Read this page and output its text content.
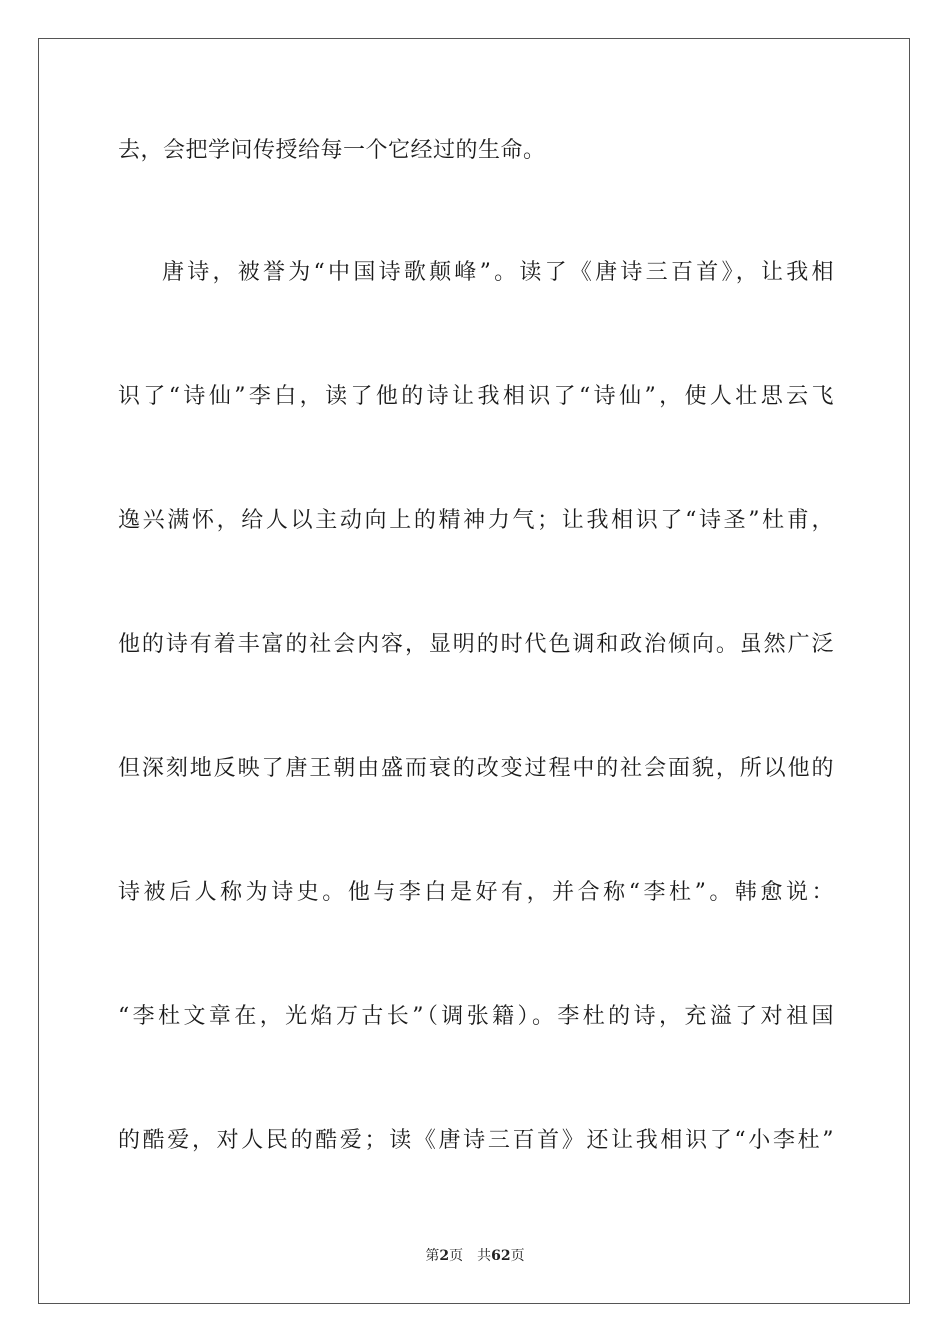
去，会把学问传授给每一个它经过的生命。
唐诗，被誉为“中国诗歌颠峰”。读了《唐诗三百首》，让我相
识了“诗仙”李白，读了他的诗让我相识了“诗仙”，使人壮思云飞
逸兴满怀，给人以主动向上的精神力气；让我相识了“诗圣”杜甫，
他的诗有着丰富的社会内容，显明的时代色调和政治倾向。虽然广泛
但深刻地反映了唐王朝由盛而衰的改变过程中的社会面貌，所以他的
诗被后人称为诗史。他与李白是好有，并合称“李杜”。韩愈说：
“李杜文章在，光焰万古长”（调张籍）。李杜的诗，充溢了对祖国
的酷爱，对人民的酷爱；读《唐诗三百首》还让我相识了“小李杜”
第2页 共62页
